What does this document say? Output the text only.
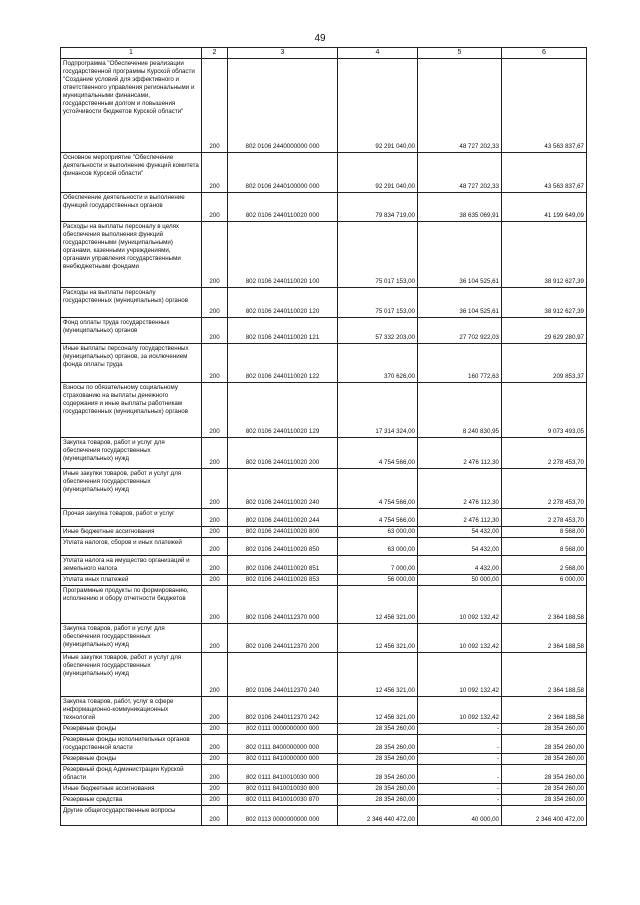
49
1	2	3	4	5	6
Подпрограмма "Обеспечение реализации государственной программы Курской области "Создание условий для эффективного и ответственного управления региональными и муниципальными финансами, государственным долгом и повышения устойчивости бюджетов Курской области"	200	802 0106 2440000000 000	92 291 040,00	48 727 202,33	43 563 837,67
Основное мероприятие "Обеспечение деятельности и выполнение функций комитета финансов Курской области"	200	802 0106 2440100000 000	92 291 040,00	48 727 202,33	43 563 837,67
Обеспечение деятельности и выполнение функций государственных органов	200	802 0106 2440110020 000	79 834 719,00	38 635 069,91	41 199 649,09
Расходы на выплаты персоналу в целях обеспечения выполнения функций государственными (муниципальными) органами, казенными учреждениями, органами управления государственными внебюджетными фондами	200	802 0106 2440110020 100	75 017 153,00	36 104 525,61	38 912 627,39
Расходы на выплаты персоналу государственных (муниципальных) органов	200	802 0106 2440110020 120	75 017 153,00	36 104 525,61	38 912 627,39
Фонд оплаты труда государственных (муниципальных) органов	200	802 0106 2440110020 121	57 332 203,00	27 702 922,03	29 629 280,97
Иные выплаты персоналу государственных (муниципальных) органов, за исключением фонда оплаты труда	200	802 0106 2440110020 122	370 626,00	160 772,63	209 853,37
Взносы по обязательному социальному страхованию на выплаты денежного содержания и иные выплаты работникам государственных (муниципальных) органов	200	802 0106 2440110020 129	17 314 324,00	8 240 830,95	9 073 493,05
Закупка товаров, работ и услуг для обеспечения государственных (муниципальных) нужд	200	802 0106 2440110020 200	4 754 566,00	2 476 112,30	2 278 453,70
Иные закупки товаров, работ и услуг для обеспечения государственных (муниципальных) нужд	200	802 0106 2440110020 240	4 754 566,00	2 476 112,30	2 278 453,70
Прочая закупка товаров, работ и услуг	200	802 0106 2440110020 244	4 754 566,00	2 476 112,30	2 278 453,70
Иные бюджетные ассигнования	200	802 0106 2440110020 800	63 000,00	54 432,00	8 568,00
Уплата налогов, сборов и иных платежей	200	802 0106 2440110020 850	63 000,00	54 432,00	8 568,00
Уплата налога на имущество организаций и земельного налога	200	802 0106 2440110020 851	7 000,00	4 432,00	2 568,00
Уплата иных платежей	200	802 0106 2440110020 853	56 000,00	50 000,00	6 000,00
Программные продукты по формированию, исполнению и обору отчетности бюджетов	200	802 0106 2440112370 000	12 456 321,00	10 092 132,42	2 364 188,58
Закупка товаров, работ и услуг для обеспечения государственных (муниципальных) нужд	200	802 0106 2440112370 200	12 456 321,00	10 092 132,42	2 364 188,58
Иные закупки товаров, работ и услуг для обеспечения государственных (муниципальных) нужд	200	802 0106 2440112370 240	12 456 321,00	10 092 132,42	2 364 188,58
Закупка товаров, работ, услуг в сфере информационно-коммуникационных технологий	200	802 0106 2440112370 242	12 456 321,00	10 092 132,42	2 364 188,58
Резервные фонды	200	802 0111 0000000000 000	28 354 260,00	-	28 354 260,00
Резервные фонды исполнительных органов государственной власти	200	802 0111 8400000000 000	28 354 260,00	-	28 354 260,00
Резервные фонды	200	802 0111 8410000000 000	28 354 260,00	-	28 354 260,00
Резервный фонд Администрации Курской области	200	802 0111 8410010030 000	28 354 260,00	-	28 354 260,00
Иные бюджетные ассигнования	200	802 0111 8410010030 800	28 354 260,00	-	28 354 260,00
Резервные средства	200	802 0111 8410010030 870	28 354 260,00	-	28 354 260,00
Другие общегосударственные вопросы	200	802 0113 0000000000 000	2 346 440 472,00	40 000,00	2 346 400 472,00
